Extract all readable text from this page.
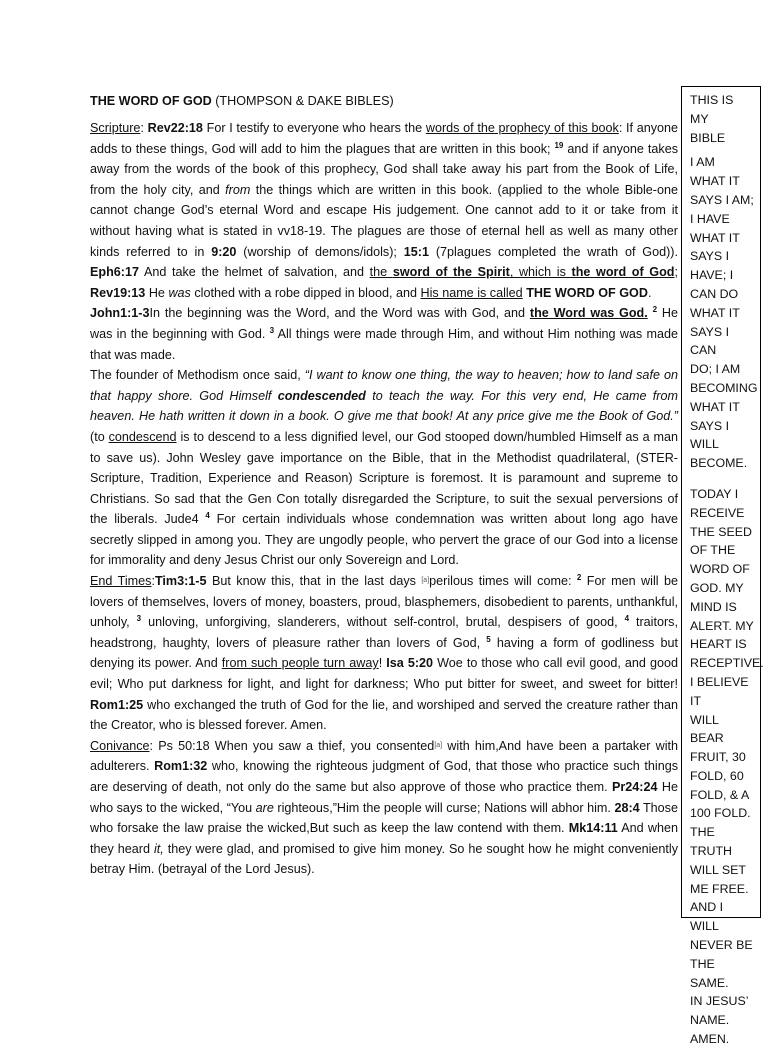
THE WORD OF GOD (THOMPSON & DAKE BIBLES)

Scripture: Rev22:18 For I testify to everyone who hears the words of the prophecy of this book: If anyone adds to these things, God will add to him the plagues that are written in this book; $^{19}$ and if anyone takes away from the words of the book of this prophecy, God shall take away his part from the Book of Life, from the holy city, and from the things which are written in this book. (applied to the whole Bible-one cannot change God’s eternal Word and escape His judgement. One cannot add to it or take from it without having what is stated in vv18-19. The plagues are those of eternal hell as well as many other kinds referred to in 9:20 (worship of demons/idols); 15:1 (7plagues completed the wrath of God)). Eph6:17 And take the helmet of salvation, and the sword of the Spirit, which is the word of God; Rev19:13 He was clothed with a robe dipped in blood, and His name is called THE WORD OF GOD.

John1:1-3In the beginning was the Word, and the Word was with God, and the Word was God. $^2$ He was in the beginning with God. $^3$ All things were made through Him, and without Him nothing was made that was made.

The founder of Methodism once said, “I want to know one thing, the way to heaven; how to land safe on that happy shore. God Himself condescended to teach the way. For this very end, He came from heaven. He hath written it down in a book. O give me that book! At any price give me the Book of God.” (to condescend is to descend to a less dignified level, our God stooped down/humbled Himself as a man to save us). John Wesley gave importance on the Bible, that in the Methodist quadrilateral, (STER-Scripture, Tradition, Experience and Reason) Scripture is foremost. It is paramount and supreme to Christians. So sad that the Gen Con totally disregarded the Scripture, to suit the sexual perversions of the liberals. Jude4 $^4$ For certain individuals whose condemnation was written about long ago have secretly slipped in among you. They are ungodly people, who pervert the grace of our God into a license for immorality and deny Jesus Christ our only Sovereign and Lord.

End Times:Tim3:1-5 But know this, that in the last days [a]perilous times will come: $^2$ For men will be lovers of themselves, lovers of money, boasters, proud, blasphemers, disobedient to parents, unthankful, unholy, $^3$ unloving, unforgiving, slanderers, without self-control, brutal, despisers of good, $^4$ traitors, headstrong, haughty, lovers of pleasure rather than lovers of God, $^5$ having a form of godliness but denying its power. And from such people turn away! Isa 5:20 Woe to those who call evil good, and good evil; Who put darkness for light, and light for darkness; Who put bitter for sweet, and sweet for bitter! Rom1:25 who exchanged the truth of God for the lie, and worshiped and served the creature rather than the Creator, who is blessed forever. Amen.

Conivance: Ps 50:18 When you saw a thief, you consented[a] with him,And have been a partaker with adulterers. Rom1:32 who, knowing the righteous judgment of God, that those who practice such things are deserving of death, not only do the same but also approve of those who practice them. Pr24:24 He who says to the wicked, “You are righteous,”Him the people will curse; Nations will abhor him. 28:4 Those who forsake the law praise the wicked,But such as keep the law contend with them. Mk14:11 And when they heard it, they were glad, and promised to give him money. So he sought how he might conveniently betray Him. (betrayal of the Lord Jesus).

THIS IS MY
BIBLE

I AM
WHAT IT
SAYS I AM;
I HAVE
WHAT IT
SAYS I
HAVE; I
CAN DO
WHAT IT
SAYS I CAN
DO; I AM
BECOMING
WHAT IT
SAYS I WILL
BECOME.

TODAY I
RECEIVE
THE SEED
OF THE
WORD OF
GOD. MY
MIND IS
ALERT. MY
HEART IS
RECEPTIVE.
I BELIEVE IT
WILL BEAR
FRUIT, 30
FOLD, 60
FOLD, & A
100 FOLD.
THE TRUTH
WILL SET
ME FREE.
AND I WILL
NEVER BE
THE SAME.
IN JESUS’
NAME.
AMEN.
